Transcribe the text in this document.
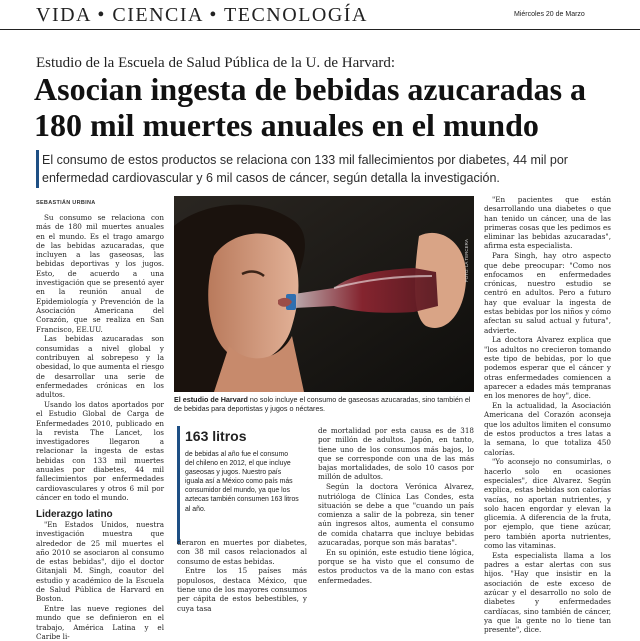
VIDA • CIENCIA • TECNOLOGÍA	Miércoles 20 de Marzo
Estudio de la Escuela de Salud Pública de la U. de Harvard:
Asocian ingesta de bebidas azucaradas a 180 mil muertes anuales en el mundo
El consumo de estos productos se relaciona con 133 mil fallecimientos por diabetes, 44 mil por enfermedad cardiovascular y 6 mil casos de cáncer, según detalla la investigación.
SEBASTIÁN URBINA

Su consumo se relaciona con más de 180 mil muertes anuales en el mundo. Es el trago amargo de las bebidas azucaradas, que incluyen a las gaseosas, las bebidas deportivas y los jugos. Esto, de acuerdo a una investigación que se presentó ayer en la reunión anual de Epidemiología y Prevención de la Asociación Americana del Corazón, que se realiza en San Francisco, EE.UU.

Las bebidas azucaradas son consumidas a nivel global y contribuyen al sobrepeso y la obesidad, lo que aumenta el riesgo de desarrollar una serie de enfermedades crónicas en los adultos.

Usando los datos aportados por el Estudio Global de Carga de Enfermedades 2010, publicado en la revista The Lancet, los investigadores llegaron a relacionar la ingesta de estas bebidas con 133 mil muertes anuales por diabetes, 44 mil fallecimientos por enfermedades cardiovasculares y otros 6 mil por cáncer en todo el mundo.

Liderazgo latino

"En Estados Unidos, nuestra investigación muestra que alrededor de 25 mil muertes el año 2010 se asociaron al consumo de estas bebidas", dijo el doctor Gitanjali M. Singh, coautor del estudio y académico de la Escuela de Salud Pública de Harvard en Boston.

Entre las nueve regiones del mundo que se definieron en el trabajo, América Latina y el Caribe li-

FOTO: LA TERCERA
El estudio de Harvard no solo incluye el consumo de gaseosas azucaradas, sino también el de bebidas para deportistas y jugos o néctares.
163 litros
de bebidas al año fue el consumo del chileno en 2012, el que incluye gaseosas y jugos. Nuestro país iguala así a México como país más consumidor del mundo, ya que los aztecas también consumen 163 litros al año.

deraron en muertes por diabetes, con 38 mil casos relacionados al consumo de estas bebidas.

Entre los 15 países más populosos, destaca México, que tiene uno de los mayores consumos per cápita de estos bebestibles, y cuya tasa

de mortalidad por esta causa es de 318 por millón de adultos. Japón, en tanto, tiene uno de los consumos más bajos, lo que se corresponde con una de las más bajas mortalidades, de solo 10 casos por millón de adultos.

Según la doctora Verónica Alvarez, nutrióloga de Clínica Las Condes, esta situación se debe a que "cuando un país comienza a salir de la pobreza, sin tener aún ingresos altos, aumenta el consumo de comida chatarra que incluye bebidas azucaradas, porque son más baratas".

En su opinión, este estudio tiene lógica, porque se ha visto que el consumo de estos productos va de la mano con estas enfermedades.

"En pacientes que están desarrollando una diabetes o que han tenido un cáncer, una de las primeras cosas que les pedimos es eliminar las bebidas azucaradas", afirma esta especialista.

Para Singh, hay otro aspecto que debe preocupar: "Como nos enfocamos en enfermedades crónicas, nuestro estudio se centró en adultos. Pero a futuro hay que evaluar la ingesta de estas bebidas por los niños y cómo afectan su salud actual y futura", advierte.

La doctora Alvarez explica que "los adultos no crecieron tomando este tipo de bebidas, por lo que podemos esperar que el cáncer y otras enfermedades comiencen a aparecer a edades más tempranas en los menores de hoy", dice.

En la actualidad, la Asociación Americana del Corazón aconseja que los adultos limiten el consumo de estos productos a tres latas a la semana, lo que totaliza 450 calorías.

"Yo aconsejo no consumirlas, o hacerlo solo en ocasiones especiales", dice Alvarez. Según explica, estas bebidas son calorías vacías, no aportan nutrientes, y solo hacen engordar y elevan la glicemia. A diferencia de la fruta, por ejemplo, que tiene azúcar, pero también aporta nutrientes, como las vitaminas.

Esta especialista llama a los padres a estar alertas con sus hijos. "Hay que insistir en la asociación de este exceso de azúcar y el desarrollo no solo de diabetes y enfermedades cardíacas, sino también de cáncer, ya que la gente no lo tiene tan presente", dice.
